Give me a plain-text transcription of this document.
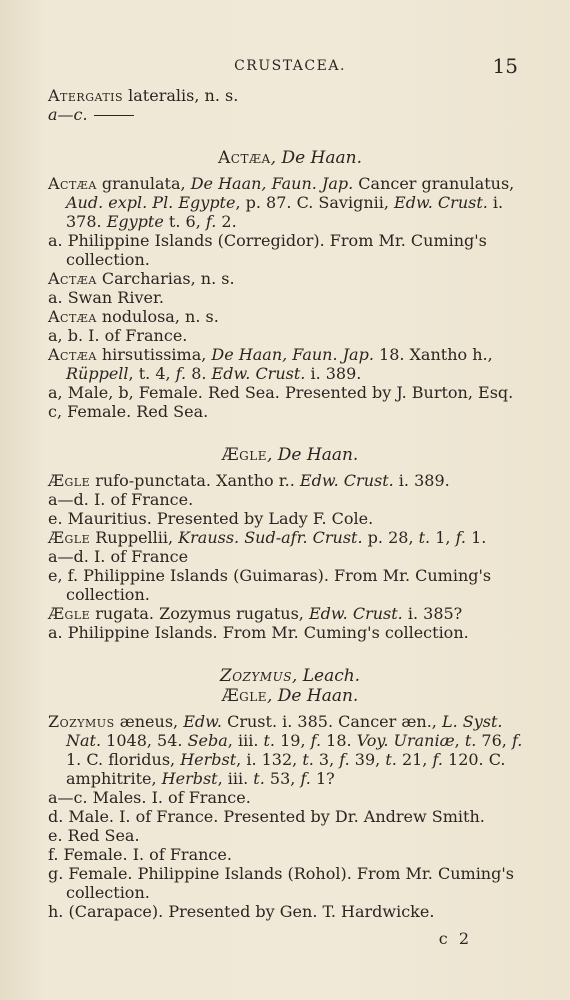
CRUSTACEA.	15

Atergatis lateralis, n. s.

a—c.

Actæa, De Haan.

Actæa granulata, De Haan, Faun. Jap. Cancer granulatus, Aud. expl. Pl. Egypte, p. 87. C. Savignii, Edw. Crust. i. 378. Egypte t. 6, f. 2.

a. Philippine Islands (Corregidor). From Mr. Cuming's collection.

Actæa Carcharias, n. s.

a. Swan River.

Actæa nodulosa, n. s.

a, b. I. of France.

Actæa hirsutissima, De Haan, Faun. Jap. 18. Xantho h., Rüppell, t. 4, f. 8. Edw. Crust. i. 389.

a, Male, b, Female. Red Sea. Presented by J. Burton, Esq.

c, Female. Red Sea.

Ægle, De Haan.

Ægle rufo-punctata. Xantho r.. Edw. Crust. i. 389.

a—d. I. of France.

e. Mauritius. Presented by Lady F. Cole.

Ægle Ruppellii, Krauss. Sud-afr. Crust. p. 28, t. 1, f. 1.

a—d. I. of France

e, f. Philippine Islands (Guimaras). From Mr. Cuming's collection.

Ægle rugata. Zozymus rugatus, Edw. Crust. i. 385?

a. Philippine Islands. From Mr. Cuming's collection.

Zozymus, Leach.

Ægle, De Haan.

Zozymus æneus, Edw. Crust. i. 385. Cancer æn., L. Syst. Nat. 1048, 54. Seba, iii. t. 19, f. 18. Voy. Uraniæ, t. 76, f. 1. C. floridus, Herbst, i. 132, t. 3, f. 39, t. 21, f. 120. C. amphitrite, Herbst, iii. t. 53, f. 1?

a—c. Males. I. of France.

d. Male. I. of France. Presented by Dr. Andrew Smith.

e. Red Sea.

f. Female. I. of France.

g. Female. Philippine Islands (Rohol). From Mr. Cuming's collection.

h. (Carapace). Presented by Gen. T. Hardwicke.

c 2
